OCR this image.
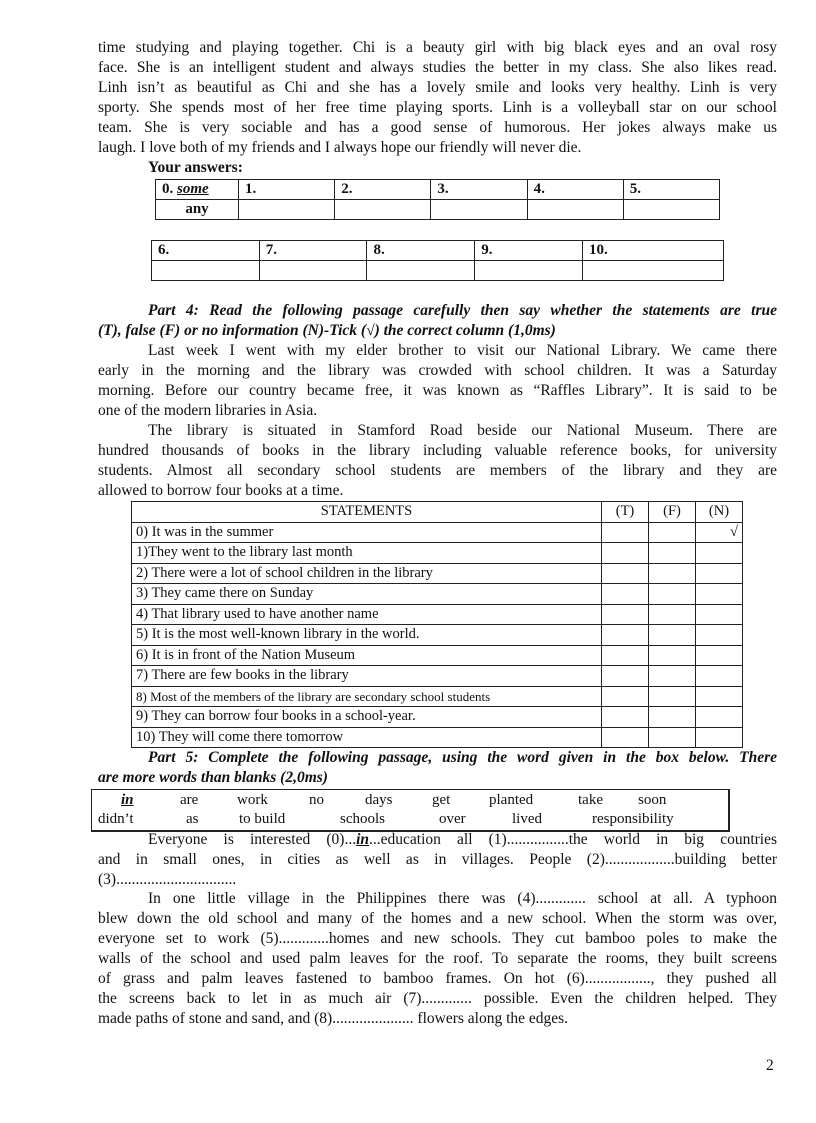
time studying and playing together. Chi is a beauty girl with big black eyes and an oval rosy
face. She is an intelligent student and always studies the better in my class. She also likes read.
Linh isn’t as beautiful as Chi and she has a lovely smile and looks very healthy. Linh is very
sporty. She spends most of her free time playing sports. Linh is a volleyball star on our school
team. She is very sociable and has a good sense of humorous. Her jokes always make us
laugh. I love both of my friends and I always hope our friendly will never die.
Your answers:
0. some	1.	2.	3.	4.	5.
any					
6.	7.	8.	9.	10.

Part 4: Read the following passage carefully then say whether the statements are true
(T), false (F) or no information (N)-Tick (√) the correct column (1,0ms)
Last week I went with my elder brother to visit our National Library. We came there
early in the morning and the library was crowded with school children. It was a Saturday
morning. Before our country became free, it was known as “Raffles Library”. It is said to be
one of the modern libraries in Asia.
The library is situated in Stamford Road beside our National Museum. There are
hundred thousands of books in the library including valuable reference books, for university
students. Almost all secondary school students are members of the library and they are
allowed to borrow four books at a time.
STATEMENTS	(T)	(F)	(N)
0) It was in the summer			√
1)They went to the library last month			
2) There were a lot of school children in the library			
3) They came there on Sunday			
4) That library used to have another name			
5) It is the most well-known library in the world.			
6) It is in front of the Nation Museum			
7) There are few books in the library			
8) Most of the members of the library are secondary school students			
9) They can borrow four books in a school-year.			
10) They will come there tomorrow			
Part 5: Complete the following passage, using the word given in the box below. There
are more words than blanks (2,0ms)
in	are	work	no	days	get	planted	take soon
didn’t	as	to build	schools	over	lived	responsibility
Everyone is interested (0)...in...education all (1)................the world in big countries
and in small ones, in cities as well as in villages. People (2)..................building better
(3)...............................
In one little village in the Philippines there was (4)............. school at all. A typhoon
blew down the old school and many of the homes and a new school. When the storm was over,
everyone set to work (5).............homes and new schools. They cut bamboo poles to make the
walls of the school and used palm leaves for the roof. To separate the rooms, they built screens
of grass and palm leaves fastened to bamboo frames. On hot (6)................., they pushed all
the screens back to let in as much air (7)............. possible. Even the children helped. They
made paths of stone and sand, and (8)..................... flowers along the edges.
2
